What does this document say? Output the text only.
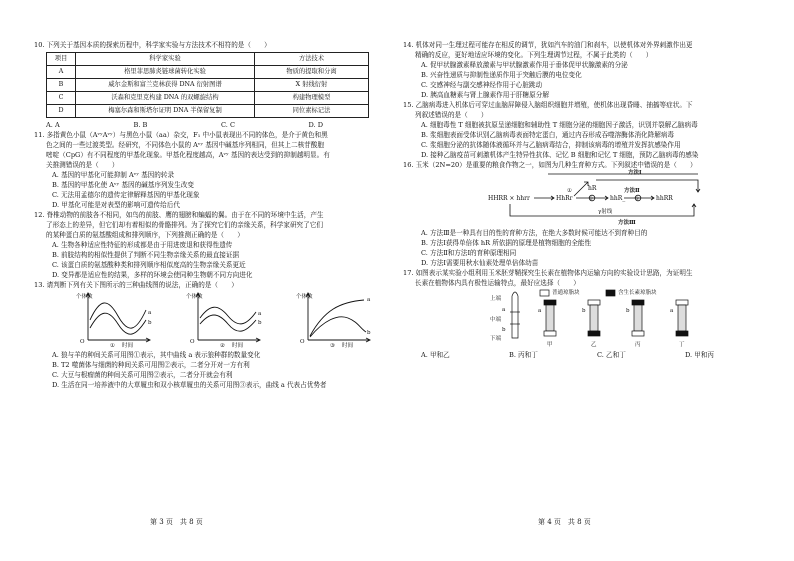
10. 下列关于基因本质的探索历程中，科学家实验与方法技术不相符的是（　　）

项目	科学家实验	方法技术
A	格里菲思肺炎链球菌转化实验	物质的提取和分离
B	威尔金斯和富兰克林获得 DNA 衍射图谱	X 射线衍射
C	沃森和克里克构建 DNA 的双螺旋结构	构建物理模型
D	梅塞尔森和斯塔尔证明 DNA 半保留复制	同位素标记法
A. A	B. B	C. C	D. D

11. 多指黄色小鼠（AᵛʸAᵛʸ）与黑色小鼠（aa）杂交，F₁ 中小鼠表现出不同的体色，是介于黄色和黑

色之间的一些过渡类型。经研究，不同体色小鼠的 Aᵛʸ 基因中碱基序列相同，但其上二核苷酸胞

嘧啶（CpG）有不同程度的甲基化现象。甲基化程度越高，Aᵛʸ 基因的表达受到的抑制越明显。有

关推测错误的是（　　）

A. 基因的甲基化可能抑制 Aᵛʸ 基因的转录

B. 基因的甲基化使 Aᵛʸ 基因的碱基序列发生改变

C. 无法用孟德尔的遗传定律解释基因的甲基化现象

D. 甲基化可能是对表型的影响可遗传给后代

12. 脊椎动物的前肢各不相同，如鸟的前肢、鹰的翅膀和蝙蝠的翼。由于在不同的环境中生活，产生

了形态上的差异，但它们却有着相似的骨骼排列。为了探究它们的亲缘关系，科学家研究了它们

的某种蛋白质的氨基酸组成和排列顺序，下列推测正确的是（　　）

A. 生物各种适应性特征的形成都是由于用进废退和获得性遗传

B. 前肢结构的相似性提供了判断不同生物亲缘关系的最直接证据

C. 该蛋白质的氨基酸种类和排列顺序相似度高的生物亲缘关系更近

D. 变异都是适应性的结果，多样的环境会使同种生物朝不同方向进化

13. 请判断下列有关下图所示的三种曲线图的说法，正确的是（　　）

个体数
O
a
b
① 时间
个体数
O
a
b
② 时间
个体数
O
a
b
③ 时间

A. 狼与羊的种间关系可用图①表示，其中曲线 a 表示狼种群的数量变化

B. T2 噬菌体与细菌的种间关系可用图②表示，二者分开对一方有利

C. 大豆与根瘤菌的种间关系可用图②表示，二者分开就会有利

D. 生活在同一培养液中的大草履虫和双小核草履虫的关系可用图③表示，曲线 a 代表占优势者

第 3 页　共 8 页

14. 机体对同一生理过程可能存在相反的调节，犹如汽车的油门和刹车，以使机体对外界刺激作出更

精确的反应，更好地适应环境的变化。下列生理调节过程，不属于此类的（　　）

A. 促甲状腺激素释放激素与甲状腺激素作用于垂体促甲状腺激素的分泌

B. 兴奋性递质与抑制性递质作用于突触后膜的电位变化

C. 交感神经与副交感神经作用于心脏跳动

D. 胰高血糖素与肾上腺素作用于肝糖原分解

15. 乙脑病毒进入机体后可穿过血脑屏障侵入脑组织细胞并增殖，使机体出现昏睡、抽搐等症状。下

列叙述错误的是（　　）

A. 细胞毒性 T 细胞被抗原呈递细胞和辅助性 T 细胞分泌的细胞因子激活，识别并裂解乙脑病毒

B. 浆细胞表面受体识别乙脑病毒表面特定蛋白，通过内吞形成吞噬溶酶体消化降解病毒

C. 浆细胞分泌的抗体随体液循环并与乙脑病毒结合，抑制该病毒的增殖并发挥抗感染作用

D. 接种乙脑疫苗可刺激机体产生特异性抗体、记忆 B 细胞和记忆 T 细胞，预防乙脑病毒的感染

16. 玉米（2N=20）是重要的粮食作物之一，如图为几种生育种方式。下列叙述中错误的是（　　）

HHRR × hhrr	HhRr
hR
hhR_	hhRR
方法Ⅰ
方法Ⅱ
方法Ⅲ
γ射线
①
②	③

A. 方法Ⅲ是一种具有目的性的育种方法，在绝大多数时候可能达不到育种目的

B. 方法Ⅰ获得单倍体 hR 所依据的原理是植物细胞的全能性

C. 方法Ⅱ和方法Ⅰ的育种原理相同

D. 方法Ⅰ需要用秋水仙素处理单倍体幼苗

17. 如图表示某实验小组利用玉米胚芽鞘探究生长素在植物体内运输方向的实验设计思路，为证明生

长素在植物体内具有极性运输特点，最好应选择（　　）

普通琼脂块	含生长素琼脂块
上端
a
中端
b
下端
a	b	b	a
甲	乙	丙	丁
A. 甲和乙	B. 丙和丁	C. 乙和丁	D. 甲和丙
第 4 页　共 8 页
